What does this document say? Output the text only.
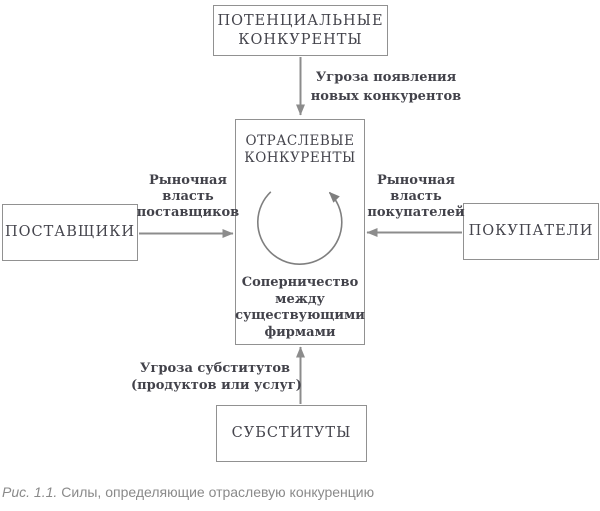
ПОТЕНЦИАЛЬНЫЕ
КОНКУРЕНТЫ
ПОСТАВЩИКИ	ПОКУПАТЕЛИ
СУБСТИТУТЫ
ОТРАСЛЕВЫЕ
КОНКУРЕНТЫ
Соперничество
между
существующими
фирмами
Угроза появления
новых конкурентов
Рыночная
власть
поставщиков
Рыночная
власть
покупателей
Угроза субститутов
(продуктов или услуг)
Рис. 1.1. Силы, определяющие отраслевую конкуренцию
